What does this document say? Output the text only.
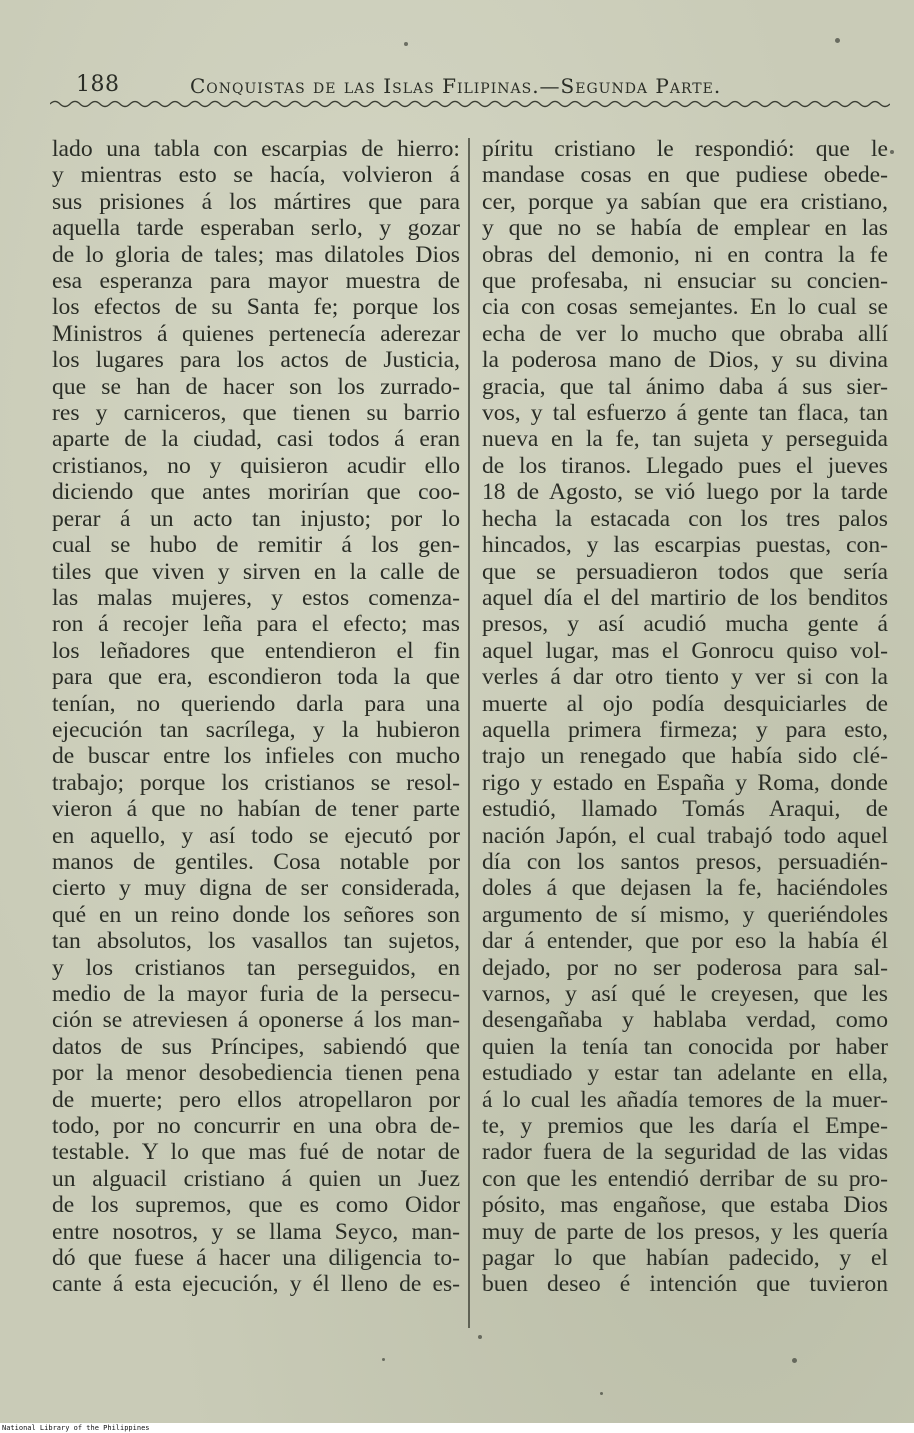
188	Conquistas de las Islas Filipinas.—Segunda Parte.
lado una tabla con escarpias de hierro:
y mientras esto se hacía, volvieron á
sus prisiones á los mártires que para
aquella tarde esperaban serlo, y gozar
de lo gloria de tales; mas dilatoles Dios
esa esperanza para mayor muestra de
los efectos de su Santa fe; porque los
Ministros á quienes pertenecía aderezar
los lugares para los actos de Justicia,
que se han de hacer son los zurrado-
res y carniceros, que tienen su barrio
aparte de la ciudad, casi todos á eran
cristianos, no y quisieron acudir ello
diciendo que antes morirían que coo-
perar á un acto tan injusto; por lo
cual se hubo de remitir á los gen-
tiles que viven y sirven en la calle de
las malas mujeres, y estos comenza-
ron á recojer leña para el efecto; mas
los leñadores que entendieron el fin
para que era, escondieron toda la que
tenían, no queriendo darla para una
ejecución tan sacrílega, y la hubieron
de buscar entre los infieles con mucho
trabajo; porque los cristianos se resol-
vieron á que no habían de tener parte
en aquello, y así todo se ejecutó por
manos de gentiles. Cosa notable por
cierto y muy digna de ser considerada,
qué en un reino donde los señores son
tan absolutos, los vasallos tan sujetos,
y los cristianos tan perseguidos, en
medio de la mayor furia de la persecu-
ción se atreviesen á oponerse á los man-
datos de sus Príncipes, sabiendó que
por la menor desobediencia tienen pena
de muerte; pero ellos atropellaron por
todo, por no concurrir en una obra de-
testable. Y lo que mas fué de notar de
un alguacil cristiano á quien un Juez
de los supremos, que es como Oidor
entre nosotros, y se llama Seyco, man-
dó que fuese á hacer una diligencia to-
cante á esta ejecución, y él lleno de es-
píritu cristiano le respondió: que le
mandase cosas en que pudiese obede-
cer, porque ya sabían que era cristiano,
y que no se había de emplear en las
obras del demonio, ni en contra la fe
que profesaba, ni ensuciar su concien-
cia con cosas semejantes. En lo cual se
echa de ver lo mucho que obraba allí
la poderosa mano de Dios, y su divina
gracia, que tal ánimo daba á sus sier-
vos, y tal esfuerzo á gente tan flaca, tan
nueva en la fe, tan sujeta y perseguida
de los tiranos. Llegado pues el jueves
18 de Agosto, se vió luego por la tarde
hecha la estacada con los tres palos
hincados, y las escarpias puestas, con-
que se persuadieron todos que sería
aquel día el del martirio de los benditos
presos, y así acudió mucha gente á
aquel lugar, mas el Gonrocu quiso vol-
verles á dar otro tiento y ver si con la
muerte al ojo podía desquiciarles de
aquella primera firmeza; y para esto,
trajo un renegado que había sido clé-
rigo y estado en España y Roma, donde
estudió, llamado Tomás Araqui, de
nación Japón, el cual trabajó todo aquel
día con los santos presos, persuadién-
doles á que dejasen la fe, haciéndoles
argumento de sí mismo, y queriéndoles
dar á entender, que por eso la había él
dejado, por no ser poderosa para sal-
varnos, y así qué le creyesen, que les
desengañaba y hablaba verdad, como
quien la tenía tan conocida por haber
estudiado y estar tan adelante en ella,
á lo cual les añadía temores de la muer-
te, y premios que les daría el Empe-
rador fuera de la seguridad de las vidas
con que les entendió derribar de su pro-
pósito, mas engañose, que estaba Dios
muy de parte de los presos, y les quería
pagar lo que habían padecido, y el
buen deseo é intención que tuvieron
National Library of the Philippines
